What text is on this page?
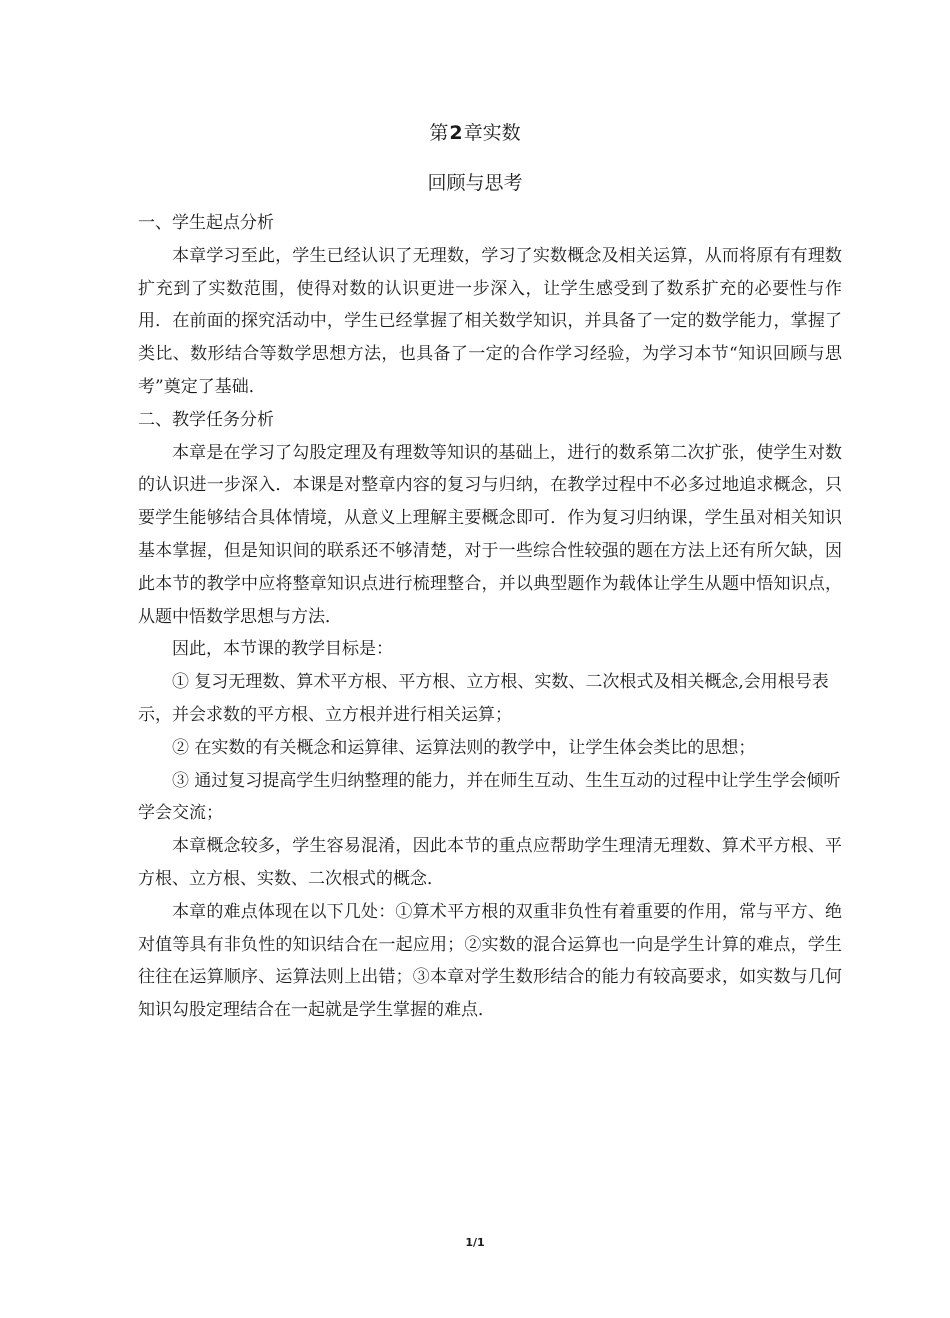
第2章实数
回顾与思考

一、学生起点分析

本章学习至此，学生已经认识了无理数，学习了实数概念及相关运算，从而将原有有理数扩充到了实数范围，使得对数的认识更进一步深入，让学生感受到了数系扩充的必要性与作用．在前面的探究活动中，学生已经掌握了相关数学知识，并具备了一定的数学能力，掌握了类比、数形结合等数学思想方法，也具备了一定的合作学习经验，为学习本节“知识回顾与思考”奠定了基础．

二、教学任务分析

本章是在学习了勾股定理及有理数等知识的基础上，进行的数系第二次扩张，使学生对数的认识进一步深入．本课是对整章内容的复习与归纳，在教学过程中不必多过地追求概念，只要学生能够结合具体情境，从意义上理解主要概念即可．作为复习归纳课，学生虽对相关知识基本掌握，但是知识间的联系还不够清楚，对于一些综合性较强的题在方法上还有所欠缺，因此本节的教学中应将整章知识点进行梳理整合，并以典型题作为载体让学生从题中悟知识点，从题中悟数学思想与方法．

因此，本节课的教学目标是：

① 复习无理数、算术平方根、平方根、立方根、实数、二次根式及相关概念,会用根号表示，并会求数的平方根、立方根并进行相关运算；

② 在实数的有关概念和运算律、运算法则的教学中，让学生体会类比的思想；

③ 通过复习提高学生归纳整理的能力，并在师生互动、生生互动的过程中让学生学会倾听学会交流；

本章概念较多，学生容易混淆，因此本节的重点应帮助学生理清无理数、算术平方根、平方根、立方根、实数、二次根式的概念．

本章的难点体现在以下几处：①算术平方根的双重非负性有着重要的作用，常与平方、绝对值等具有非负性的知识结合在一起应用；②实数的混合运算也一向是学生计算的难点，学生往往在运算顺序、运算法则上出错；③本章对学生数形结合的能力有较高要求，如实数与几何知识勾股定理结合在一起就是学生掌握的难点．

1/1
